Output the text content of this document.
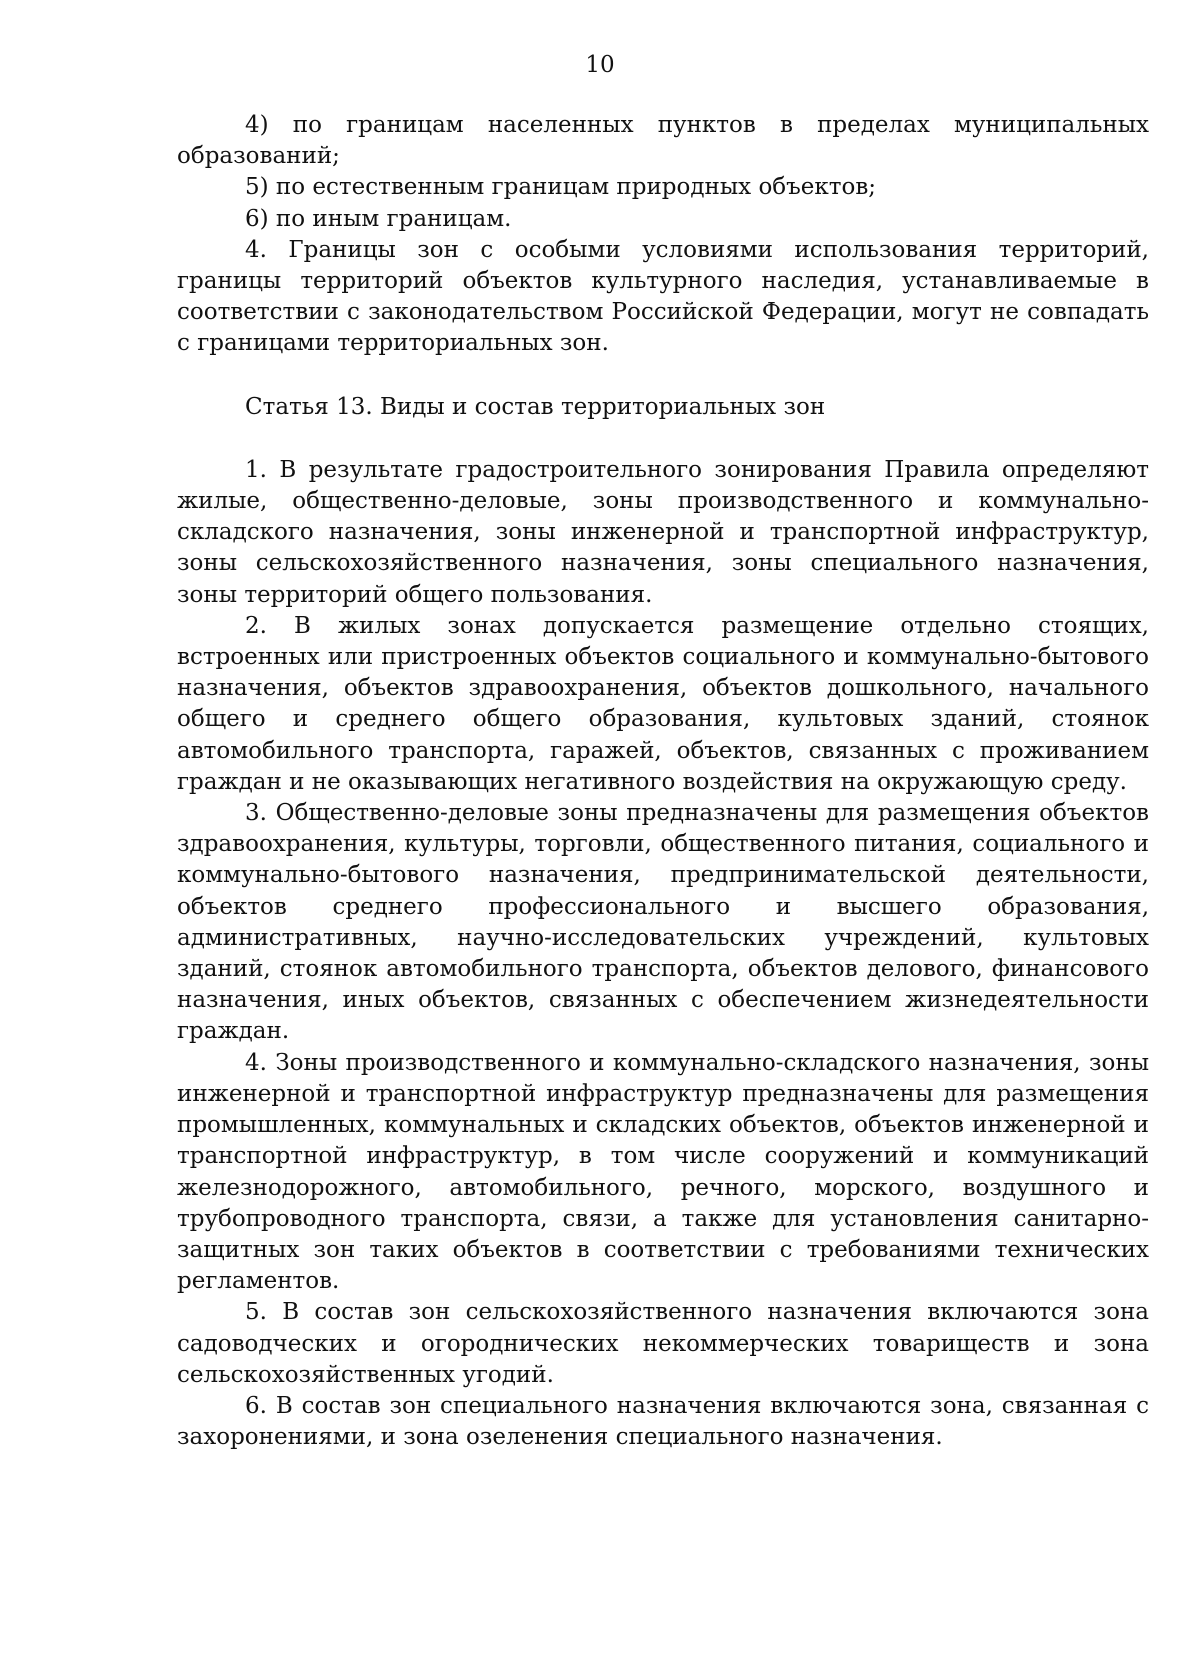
10

4) по границам населенных пунктов в пределах муниципальных образований;

5) по естественным границам природных объектов;

6) по иным границам.

4. Границы зон с особыми условиями использования территорий, границы территорий объектов культурного наследия, устанавливаемые в соответствии с законодательством Российской Федерации, могут не совпадать с границами территориальных зон.

Статья 13. Виды и состав территориальных зон

1. В результате градостроительного зонирования Правила определяют жилые, общественно-деловые, зоны производственного и коммунально-складского назначения, зоны инженерной и транспортной инфраструктур, зоны сельскохозяйственного назначения, зоны специального назначения, зоны территорий общего пользования.

2. В жилых зонах допускается размещение отдельно стоящих, встроенных или пристроенных объектов социального и коммунально-бытового назначения, объектов здравоохранения, объектов дошкольного, начального общего и среднего общего образования, культовых зданий, стоянок автомобильного транспорта, гаражей, объектов, связанных с проживанием граждан и не оказывающих негативного воздействия на окружающую среду.

3. Общественно-деловые зоны предназначены для размещения объектов здравоохранения, культуры, торговли, общественного питания, социального и коммунально-бытового назначения, предпринимательской деятельности, объектов среднего профессионального и высшего образования, административных, научно-исследовательских учреждений, культовых зданий, стоянок автомобильного транспорта, объектов делового, финансового назначения, иных объектов, связанных с обеспечением жизнедеятельности граждан.

4. Зоны производственного и коммунально-складского назначения, зоны инженерной и транспортной инфраструктур предназначены для размещения промышленных, коммунальных и складских объектов, объектов инженерной и транспортной инфраструктур, в том числе сооружений и коммуникаций железнодорожного, автомобильного, речного, морского, воздушного и трубопроводного транспорта, связи, а также для установления санитарно-защитных зон таких объектов в соответствии с требованиями технических регламентов.

5. В состав зон сельскохозяйственного назначения включаются зона садоводческих и огороднических некоммерческих товариществ и зона сельскохозяйственных угодий.

6. В состав зон специального назначения включаются зона, связанная с захоронениями, и зона озеленения специального назначения.
